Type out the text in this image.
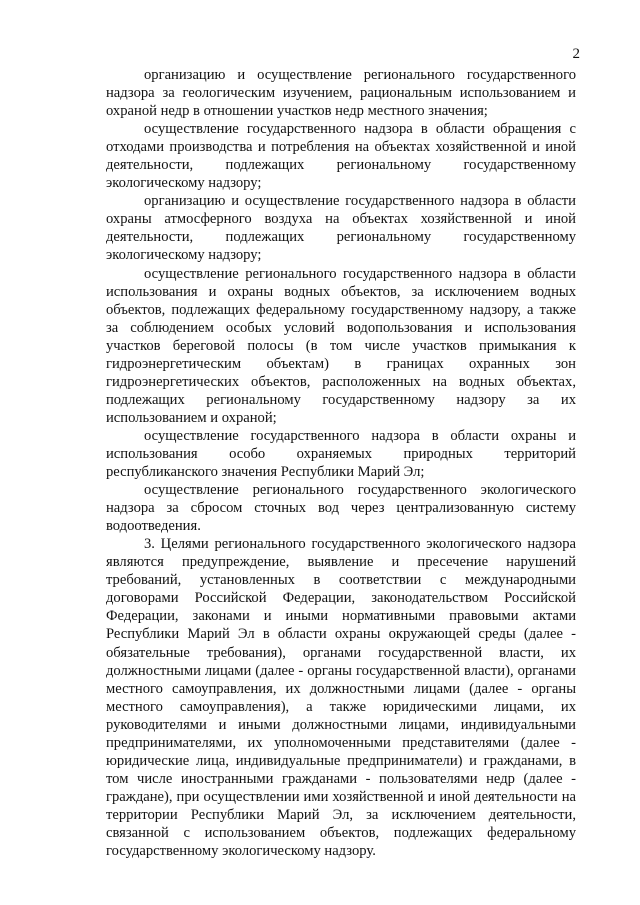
2

организацию и осуществление регионального государственного надзора за геологическим изучением, рациональным использованием и охраной недр в отношении участков недр местного значения;

осуществление государственного надзора в области обращения с отходами производства и потребления на объектах хозяйственной и иной деятельности, подлежащих региональному государственному экологическому надзору;

организацию и осуществление государственного надзора в области охраны атмосферного воздуха на объектах хозяйственной и иной деятельности, подлежащих региональному государственному экологическому надзору;

осуществление регионального государственного надзора в области использования и охраны водных объектов, за исключением водных объектов, подлежащих федеральному государственному надзору, а также за соблюдением особых условий водопользования и использования участков береговой полосы (в том числе участков примыкания к гидроэнергетическим объектам) в границах охранных зон гидроэнергетических объектов, расположенных на водных объектах, подлежащих региональному государственному надзору за их использованием и охраной;

осуществление государственного надзора в области охраны и использования особо охраняемых природных территорий республиканского значения Республики Марий Эл;

осуществление регионального государственного экологического надзора за сбросом сточных вод через централизованную систему водоотведения.

3. Целями регионального государственного экологического надзора являются предупреждение, выявление и пресечение нарушений требований, установленных в соответствии с международными договорами Российской Федерации, законодательством Российской Федерации, законами и иными нормативными правовыми актами Республики Марий Эл в области охраны окружающей среды (далее - обязательные требования), органами государственной власти, их должностными лицами (далее - органы государственной власти), органами местного самоуправления, их должностными лицами (далее - органы местного самоуправления), а также юридическими лицами, их руководителями и иными должностными лицами, индивидуальными предпринимателями, их уполномоченными представителями (далее - юридические лица, индивидуальные предприниматели) и гражданами, в том числе иностранными гражданами - пользователями недр (далее - граждане), при осуществлении ими хозяйственной и иной деятельности на территории Республики Марий Эл, за исключением деятельности, связанной с использованием объектов, подлежащих федеральному государственному экологическому надзору.
